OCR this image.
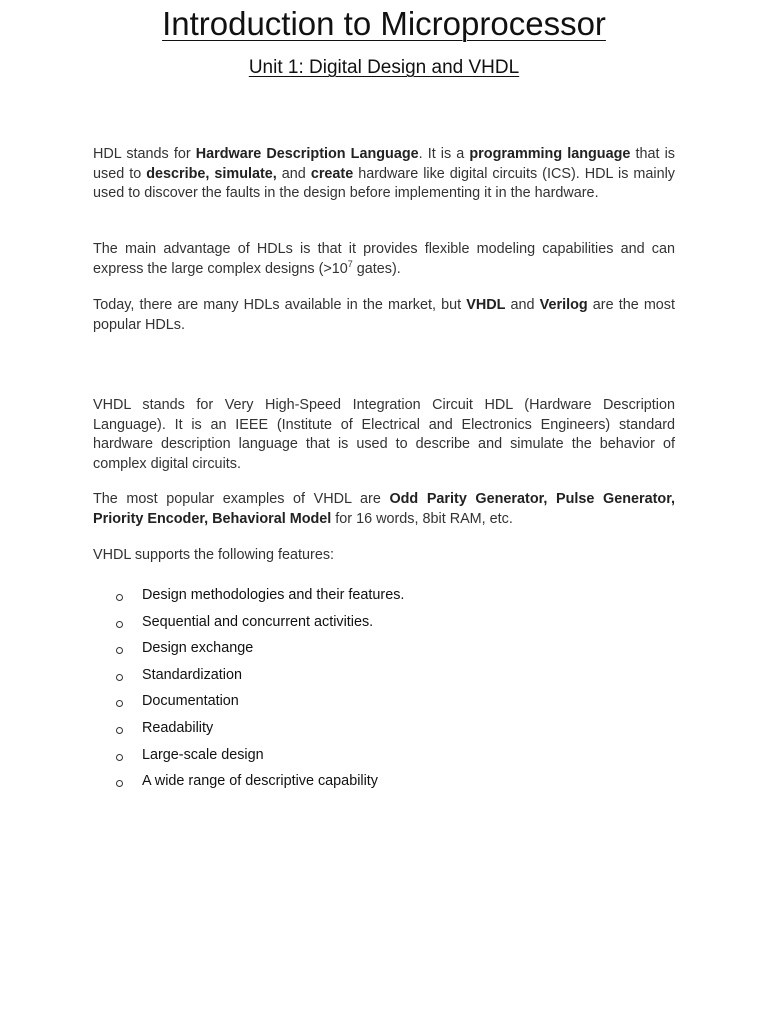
Introduction to Microprocessor
Unit 1: Digital Design and VHDL

HDL stands for Hardware Description Language. It is a programming language that is used to describe, simulate, and create hardware like digital circuits (ICS). HDL is mainly used to discover the faults in the design before implementing it in the hardware.

The main advantage of HDLs is that it provides flexible modeling capabilities and can express the large complex designs ($>10^7$ gates).

Today, there are many HDLs available in the market, but VHDL and Verilog are the most popular HDLs.

VHDL stands for Very High-Speed Integration Circuit HDL (Hardware Description Language). It is an IEEE (Institute of Electrical and Electronics Engineers) standard hardware description language that is used to describe and simulate the behavior of complex digital circuits.

The most popular examples of VHDL are Odd Parity Generator, Pulse Generator, Priority Encoder, Behavioral Model for 16 words, 8bit RAM, etc.

VHDL supports the following features:

Design methodologies and their features.
Sequential and concurrent activities.
Design exchange
Standardization
Documentation
Readability
Large-scale design
A wide range of descriptive capability
